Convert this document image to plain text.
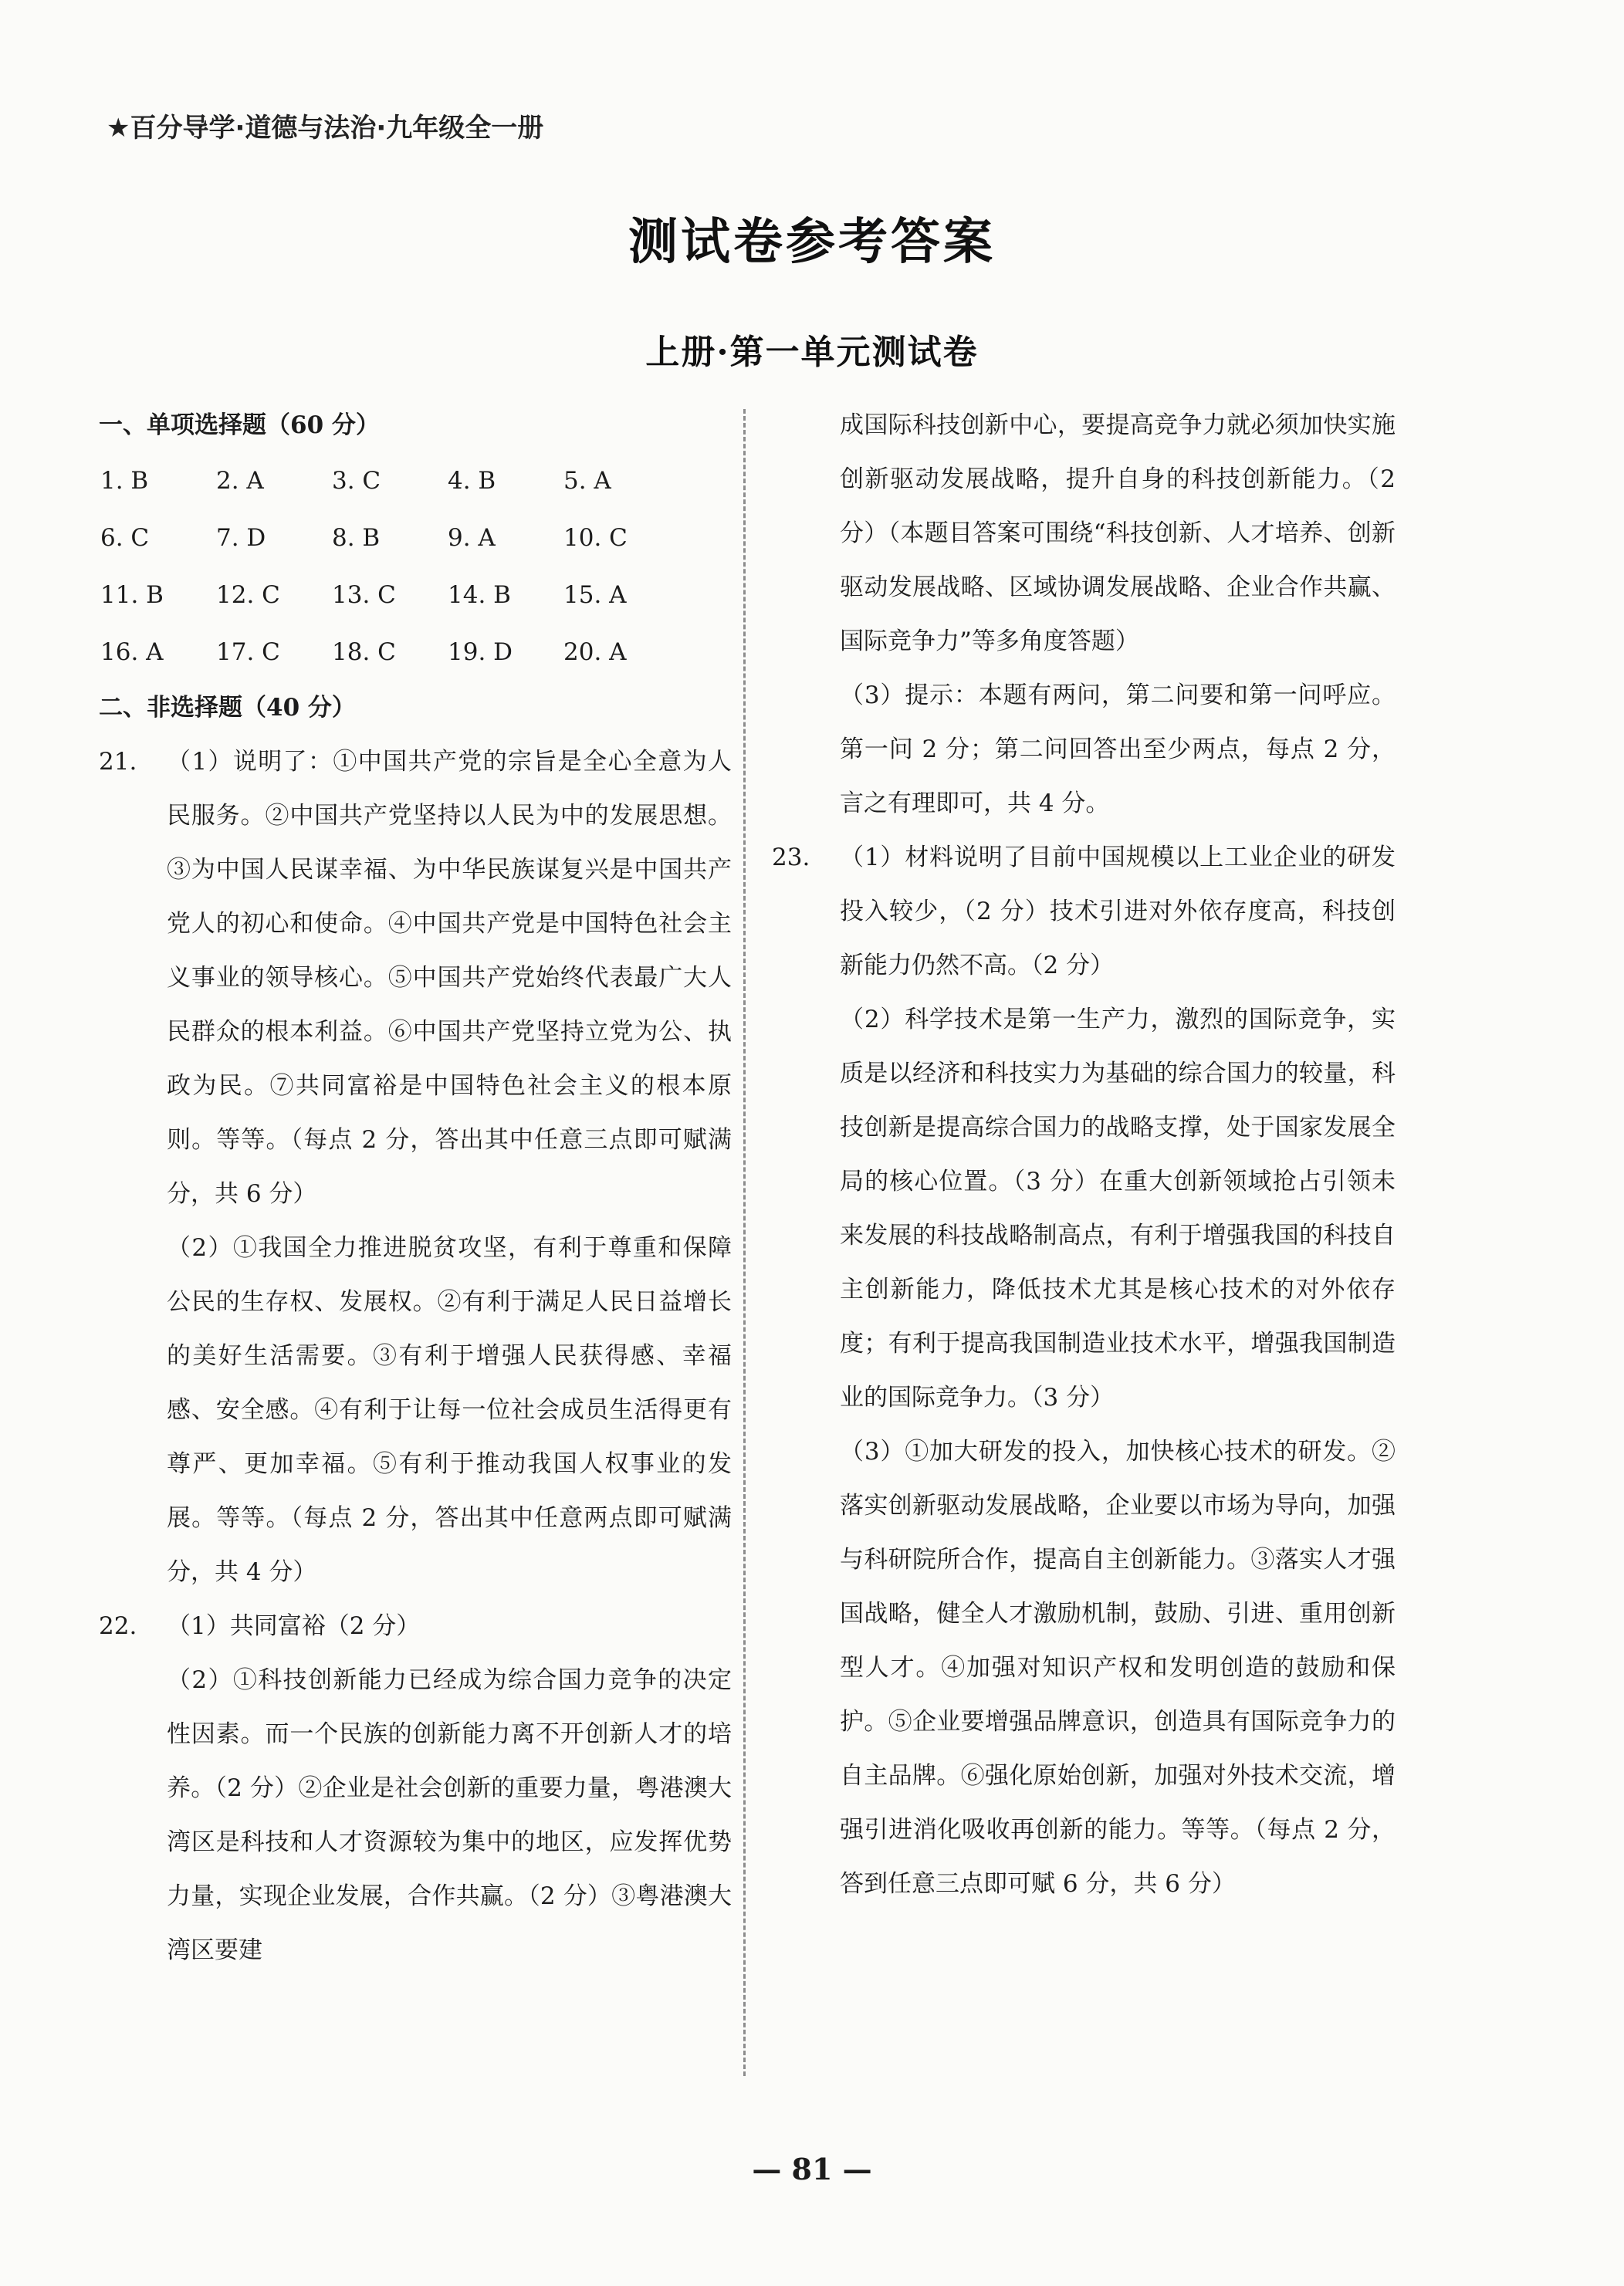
★百分导学·道德与法治·九年级全一册
测试卷参考答案
上册·第一单元测试卷
一、单项选择题（60 分）
1. B	2. A	3. C	4. B	5. A
6. C	7. D	8. B	9. A	10. C
11. B	12. C	13. C	14. B	15. A
16. A	17. C	18. C	19. D	20. A
二、非选择题（40 分）
21. （1）说明了：①中国共产党的宗旨是全心全意为人民服务。②中国共产党坚持以人民为中的发展思想。③为中国人民谋幸福、为中华民族谋复兴是中国共产党人的初心和使命。④中国共产党是中国特色社会主义事业的领导核心。⑤中国共产党始终代表最广大人民群众的根本利益。⑥中国共产党坚持立党为公、执政为民。⑦共同富裕是中国特色社会主义的根本原则。等等。（每点 2 分，答出其中任意三点即可赋满分，共 6 分）
（2）①我国全力推进脱贫攻坚，有利于尊重和保障公民的生存权、发展权。②有利于满足人民日益增长的美好生活需要。③有利于增强人民获得感、幸福感、安全感。④有利于让每一位社会成员生活得更有尊严、更加幸福。⑤有利于推动我国人权事业的发展。等等。（每点 2 分，答出其中任意两点即可赋满分，共 4 分）
22. （1）共同富裕（2 分）
（2）①科技创新能力已经成为综合国力竞争的决定性因素。而一个民族的创新能力离不开创新人才的培养。（2 分）②企业是社会创新的重要力量，粤港澳大湾区是科技和人才资源较为集中的地区，应发挥优势力量，实现企业发展，合作共赢。（2 分）③粤港澳大湾区要建
成国际科技创新中心，要提高竞争力就必须加快实施创新驱动发展战略，提升自身的科技创新能力。（2 分）（本题目答案可围绕“科技创新、人才培养、创新驱动发展战略、区域协调发展战略、企业合作共赢、国际竞争力”等多角度答题）
（3）提示：本题有两问，第二问要和第一问呼应。第一问 2 分；第二问回答出至少两点，每点 2 分，言之有理即可，共 4 分。
23. （1）材料说明了目前中国规模以上工业企业的研发投入较少，（2 分）技术引进对外依存度高，科技创新能力仍然不高。（2 分）
（2）科学技术是第一生产力，激烈的国际竞争，实质是以经济和科技实力为基础的综合国力的较量，科技创新是提高综合国力的战略支撑，处于国家发展全局的核心位置。（3 分）在重大创新领域抢占引领未来发展的科技战略制高点，有利于增强我国的科技自主创新能力，降低技术尤其是核心技术的对外依存度；有利于提高我国制造业技术水平，增强我国制造业的国际竞争力。（3 分）
（3）①加大研发的投入，加快核心技术的研发。②落实创新驱动发展战略，企业要以市场为导向，加强与科研院所合作，提高自主创新能力。③落实人才强国战略，健全人才激励机制，鼓励、引进、重用创新型人才。④加强对知识产权和发明创造的鼓励和保护。⑤企业要增强品牌意识，创造具有国际竞争力的自主品牌。⑥强化原始创新，加强对外技术交流，增强引进消化吸收再创新的能力。等等。（每点 2 分，答到任意三点即可赋 6 分，共 6 分）
— 81 —
